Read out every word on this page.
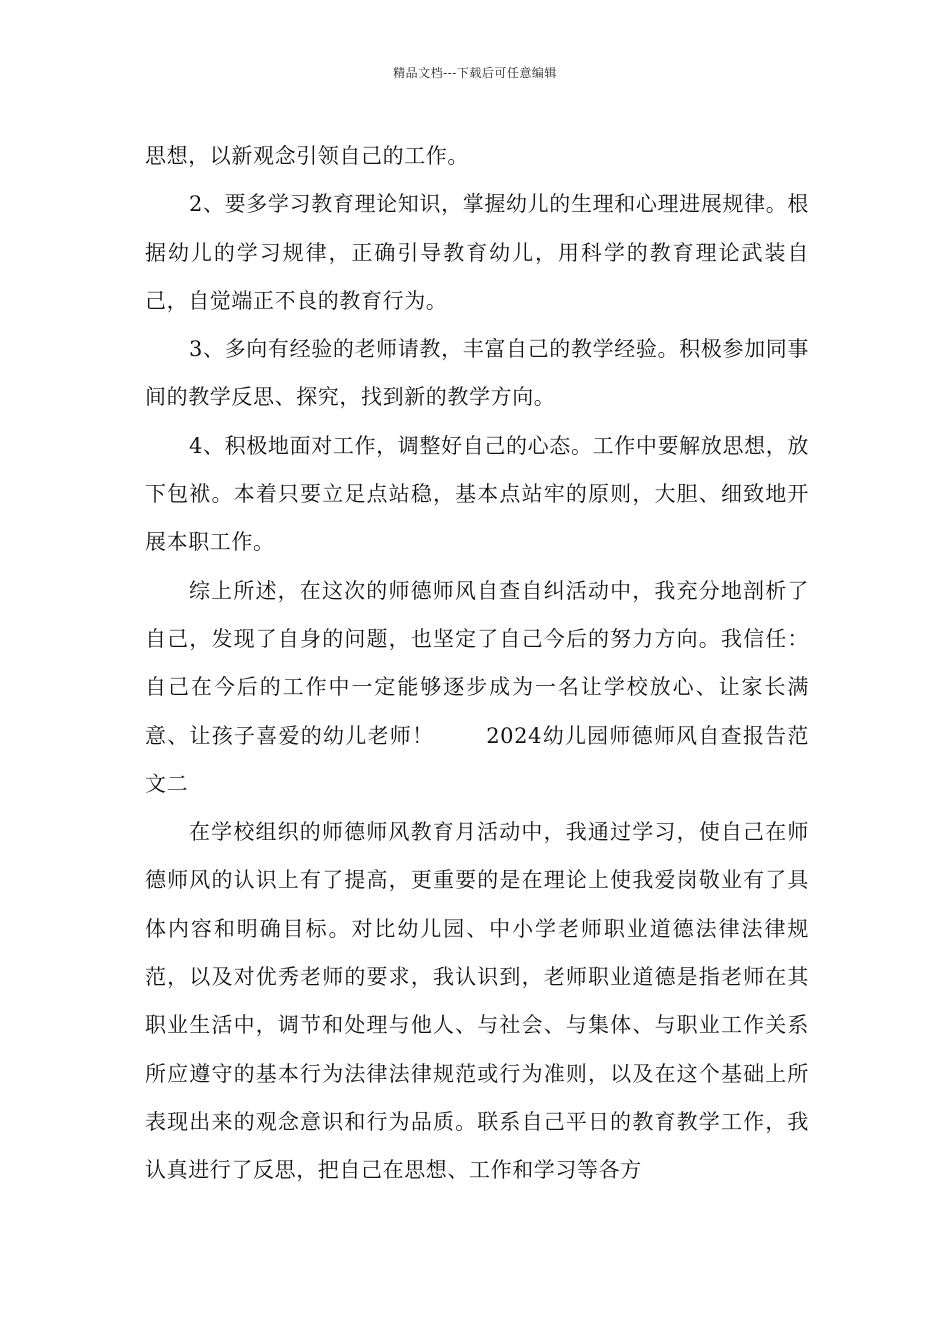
精品文档---下载后可任意编辑

思想，以新观念引领自己的工作。

2、要多学习教育理论知识，掌握幼儿的生理和心理进展规律。根据幼儿的学习规律，正确引导教育幼儿，用科学的教育理论武装自己，自觉端正不良的教育行为。

3、多向有经验的老师请教，丰富自己的教学经验。积极参加同事间的教学反思、探究，找到新的教学方向。

4、积极地面对工作，调整好自己的心态。工作中要解放思想，放下包袱。本着只要立足点站稳，基本点站牢的原则，大胆、细致地开展本职工作。

综上所述，在这次的师德师风自查自纠活动中，我充分地剖析了自己，发现了自身的问题，也坚定了自己今后的努力方向。我信任：自己在今后的工作中一定能够逐步成为一名让学校放心、让家长满意、让孩子喜爱的幼儿老师！ 2024幼儿园师德师风自查报告范文二

在学校组织的师德师风教育月活动中，我通过学习，使自己在师德师风的认识上有了提高，更重要的是在理论上使我爱岗敬业有了具体内容和明确目标。对比幼儿园、中小学老师职业道德法律法律规范，以及对优秀老师的要求，我认识到，老师职业道德是指老师在其职业生活中，调节和处理与他人、与社会、与集体、与职业工作关系所应遵守的基本行为法律法律规范或行为准则，以及在这个基础上所表现出来的观念意识和行为品质。联系自己平日的教育教学工作，我认真进行了反思，把自己在思想、工作和学习等各方
